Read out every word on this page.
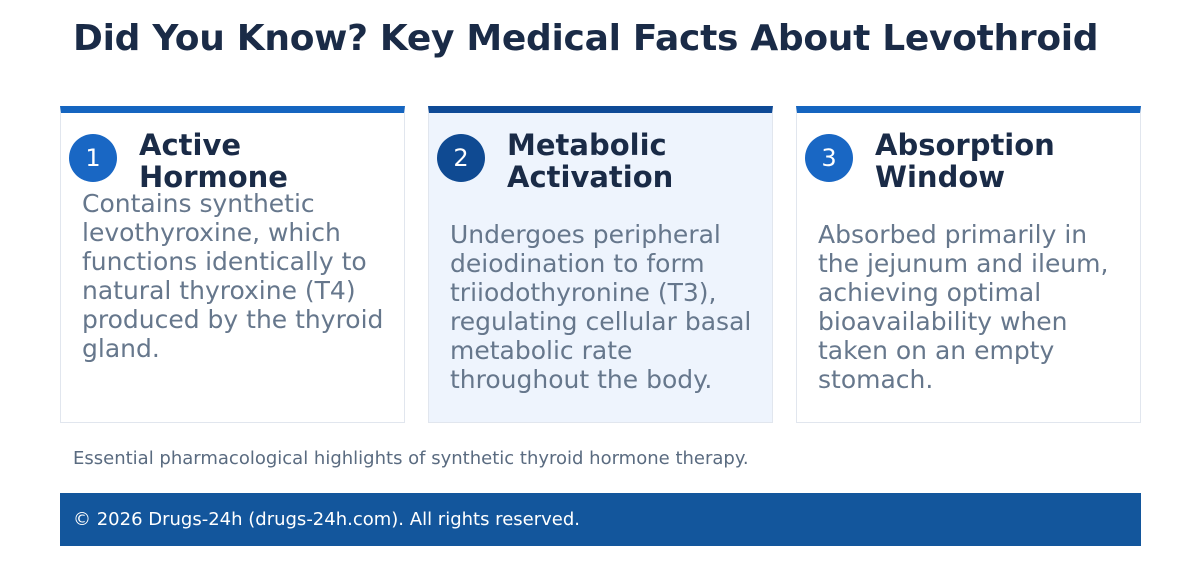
Did You Know? Key Medical Facts About Levothroid
1	Active Hormone
Contains synthetic levothyroxine, which functions identically to natural thyroxine (T4) produced by the thyroid gland.
2	Metabolic Activation
Undergoes peripheral deiodination to form triiodothyronine (T3), regulating cellular basal metabolic rate throughout the body.
3	Absorption Window
Absorbed primarily in the jejunum and ileum, achieving optimal bioavailability when taken on an empty stomach.

Essential pharmacological highlights of synthetic thyroid hormone therapy.

© 2026 Drugs-24h (drugs-24h.com). All rights reserved.
